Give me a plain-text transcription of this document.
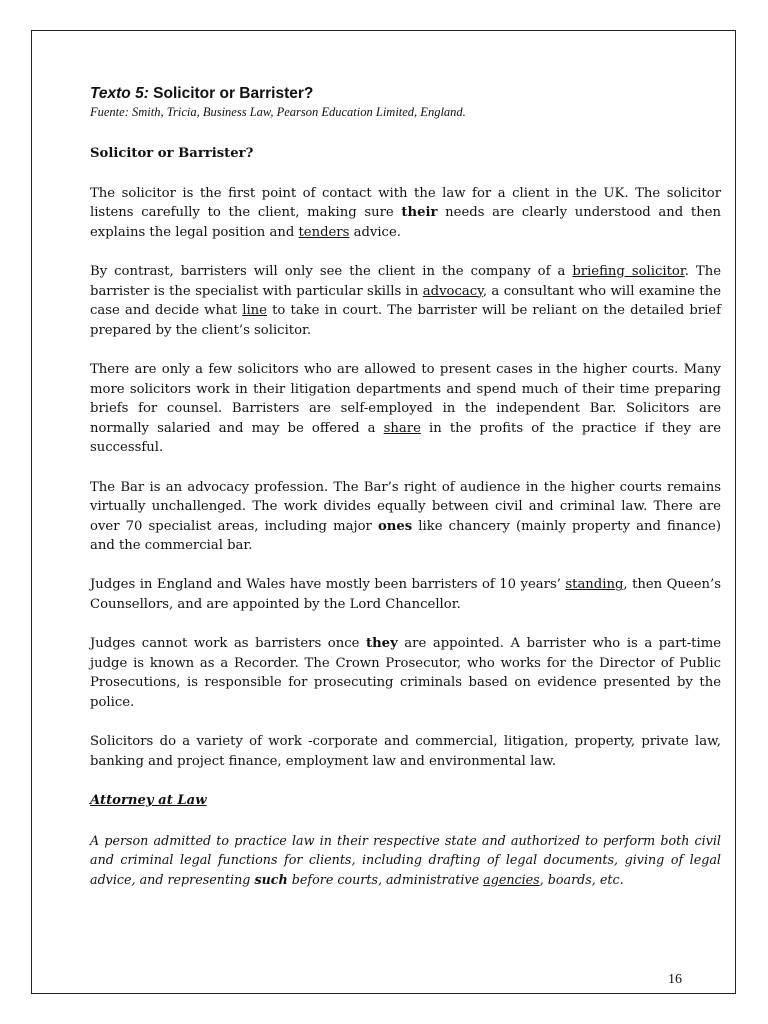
Texto 5: Solicitor or Barrister?

Fuente: Smith, Tricia, Business Law, Pearson Education Limited, England.

Solicitor or Barrister?

The solicitor is the first point of contact with the law for a client in the UK. The solicitor listens carefully to the client, making sure their needs are clearly understood and then explains the legal position and tenders advice.

By contrast, barristers will only see the client in the company of a briefing solicitor. The barrister is the specialist with particular skills in advocacy, a consultant who will examine the case and decide what line to take in court. The barrister will be reliant on the detailed brief prepared by the client’s solicitor.

There are only a few solicitors who are allowed to present cases in the higher courts. Many more solicitors work in their litigation departments and spend much of their time preparing briefs for counsel. Barristers are self-employed in the independent Bar. Solicitors are normally salaried and may be offered a share in the profits of the practice if they are successful.

The Bar is an advocacy profession. The Bar’s right of audience in the higher courts remains virtually unchallenged. The work divides equally between civil and criminal law. There are over 70 specialist areas, including major ones like chancery (mainly property and finance) and the commercial bar.

Judges in England and Wales have mostly been barristers of 10 years’ standing, then Queen’s Counsellors, and are appointed by the Lord Chancellor.

Judges cannot work as barristers once they are appointed. A barrister who is a part-time judge is known as a Recorder. The Crown Prosecutor, who works for the Director of Public Prosecutions, is responsible for prosecuting criminals based on evidence presented by the police.

Solicitors do a variety of work -corporate and commercial, litigation, property, private law, banking and project finance, employment law and environmental law.

Attorney at Law

A person admitted to practice law in their respective state and authorized to perform both civil and criminal legal functions for clients, including drafting of legal documents, giving of legal advice, and representing such before courts, administrative agencies, boards, etc.

16
